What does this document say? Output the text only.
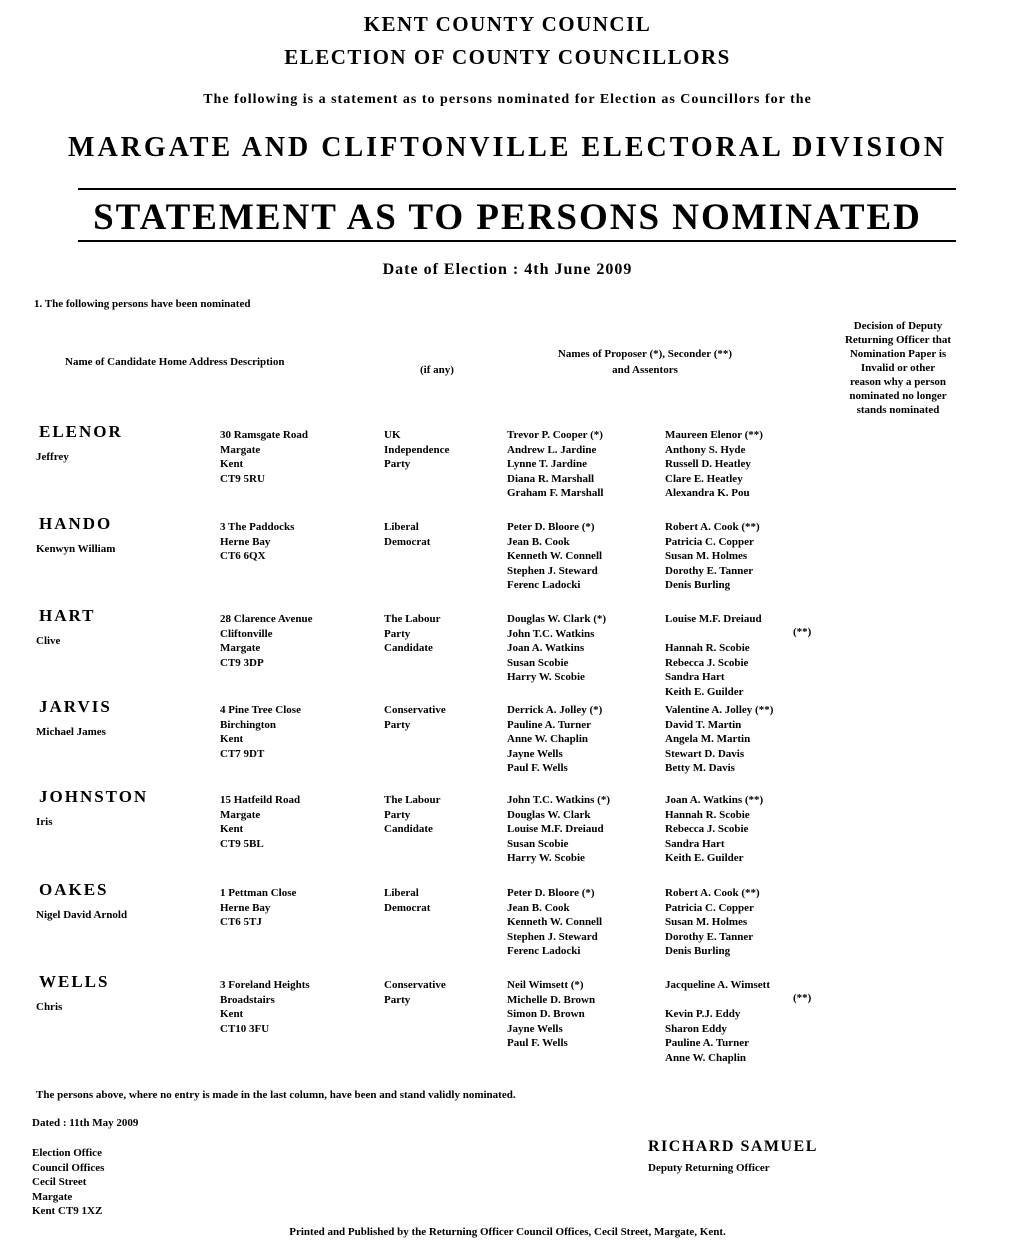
KENT COUNTY COUNCIL
ELECTION OF COUNTY COUNCILLORS
The following is a statement as to persons nominated for Election as Councillors for the
MARGATE AND CLIFTONVILLE ELECTORAL DIVISION
STATEMENT AS TO PERSONS NOMINATED
Date of Election : 4th June 2009
1. The following persons have been nominated
Name of Candidate Home Address Description
(if any)
Names of Proposer (*), Seconder (**)
and Assentors
Decision of Deputy
Returning Officer that
Nomination Paper is
Invalid or other
reason why a person
nominated no longer
stands nominated
ELENOR
Jeffrey
30 Ramsgate Road
Margate
Kent
CT9 5RU
UK
Independence
Party
Trevor P. Cooper (*)
Andrew L. Jardine
Lynne T. Jardine
Diana R. Marshall
Graham F. Marshall
Maureen Elenor (**)
Anthony S. Hyde
Russell D. Heatley
Clare E. Heatley
Alexandra K. Pou
HANDO
Kenwyn William
3 The Paddocks
Herne Bay
CT6 6QX
Liberal
Democrat
Peter D. Bloore (*)
Jean B. Cook
Kenneth W. Connell
Stephen J. Steward
Ferenc Ladocki
Robert A. Cook (**)
Patricia C. Copper
Susan M. Holmes
Dorothy E. Tanner
Denis Burling
HART
Clive
28 Clarence Avenue
Cliftonville
Margate
CT9 3DP
The Labour
Party
Candidate
Douglas W. Clark (*)
John T.C. Watkins
Joan A. Watkins
Susan Scobie
Harry W. Scobie
Louise M.F. Dreiaud
Hannah R. Scobie
Rebecca J. Scobie
Sandra Hart
Keith E. Guilder
(**)
JARVIS
Michael James
4 Pine Tree Close
Birchington
Kent
CT7 9DT
Conservative
Party
Derrick A. Jolley (*)
Pauline A. Turner
Anne W. Chaplin
Jayne Wells
Paul F. Wells
Valentine A. Jolley (**)
David T. Martin
Angela M. Martin
Stewart D. Davis
Betty M. Davis
JOHNSTON
Iris
15 Hatfeild Road
Margate
Kent
CT9 5BL
The Labour
Party
Candidate
John T.C. Watkins (*)
Douglas W. Clark
Louise M.F. Dreiaud
Susan Scobie
Harry W. Scobie
Joan A. Watkins (**)
Hannah R. Scobie
Rebecca J. Scobie
Sandra Hart
Keith E. Guilder
OAKES
Nigel David Arnold
1 Pettman Close
Herne Bay
CT6 5TJ
Liberal
Democrat
Peter D. Bloore (*)
Jean B. Cook
Kenneth W. Connell
Stephen J. Steward
Ferenc Ladocki
Robert A. Cook (**)
Patricia C. Copper
Susan M. Holmes
Dorothy E. Tanner
Denis Burling
WELLS
Chris
3 Foreland Heights
Broadstairs
Kent
CT10 3FU
Conservative
Party
Neil Wimsett (*)
Michelle D. Brown
Simon D. Brown
Jayne Wells
Paul F. Wells
Jacqueline A. Wimsett
Kevin P.J. Eddy
Sharon Eddy
Pauline A. Turner
Anne W. Chaplin
(**)
The persons above, where no entry is made in the last column, have been and stand validly nominated.
Dated : 11th May 2009
Election Office
Council Offices
Cecil Street
Margate
Kent CT9 1XZ
RICHARD SAMUEL
Deputy Returning Officer
Printed and Published by the Returning Officer Council Offices, Cecil Street, Margate, Kent.
